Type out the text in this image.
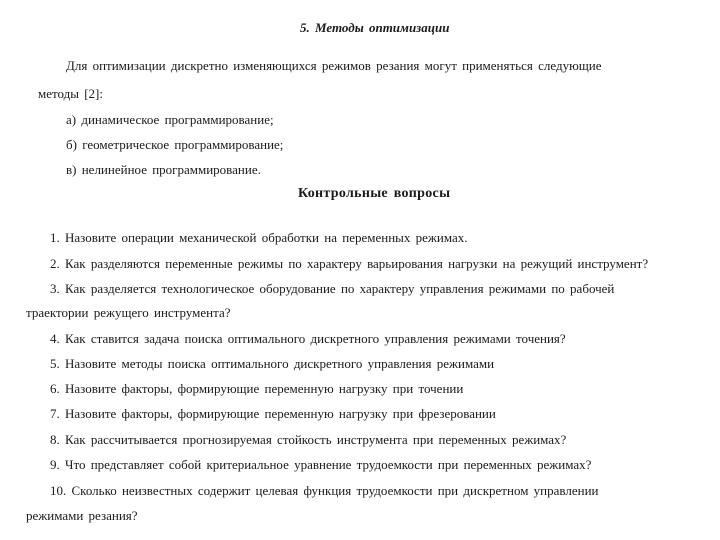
5. Методы оптимизации
Для оптимизации дискретно изменяющихся режимов резания могут применяться следующие
методы [2]:
а) динамическое программирование;
б) геометрическое программирование;
в) нелинейное программирование.
Контрольные вопросы
1. Назовите операции механической обработки на переменных режимах.
2. Как разделяются переменные режимы по характеру варьирования нагрузки на режущий инструмент?
3. Как разделяется технологическое оборудование по характеру управления режимами по рабочей
траектории режущего инструмента?
4. Как ставится задача поиска оптимального дискретного управления режимами точения?
5. Назовите методы поиска оптимального дискретного управления режимами
6. Назовите факторы, формирующие переменную нагрузку при точении
7. Назовите факторы, формирующие переменную нагрузку при фрезеровании
8. Как рассчитывается прогнозируемая стойкость инструмента при переменных режимах?
9. Что представляет собой критериальное уравнение трудоемкости при переменных режимах?
10. Сколько неизвестных содержит целевая функция трудоемкости при дискретном управлении
режимами резания?
